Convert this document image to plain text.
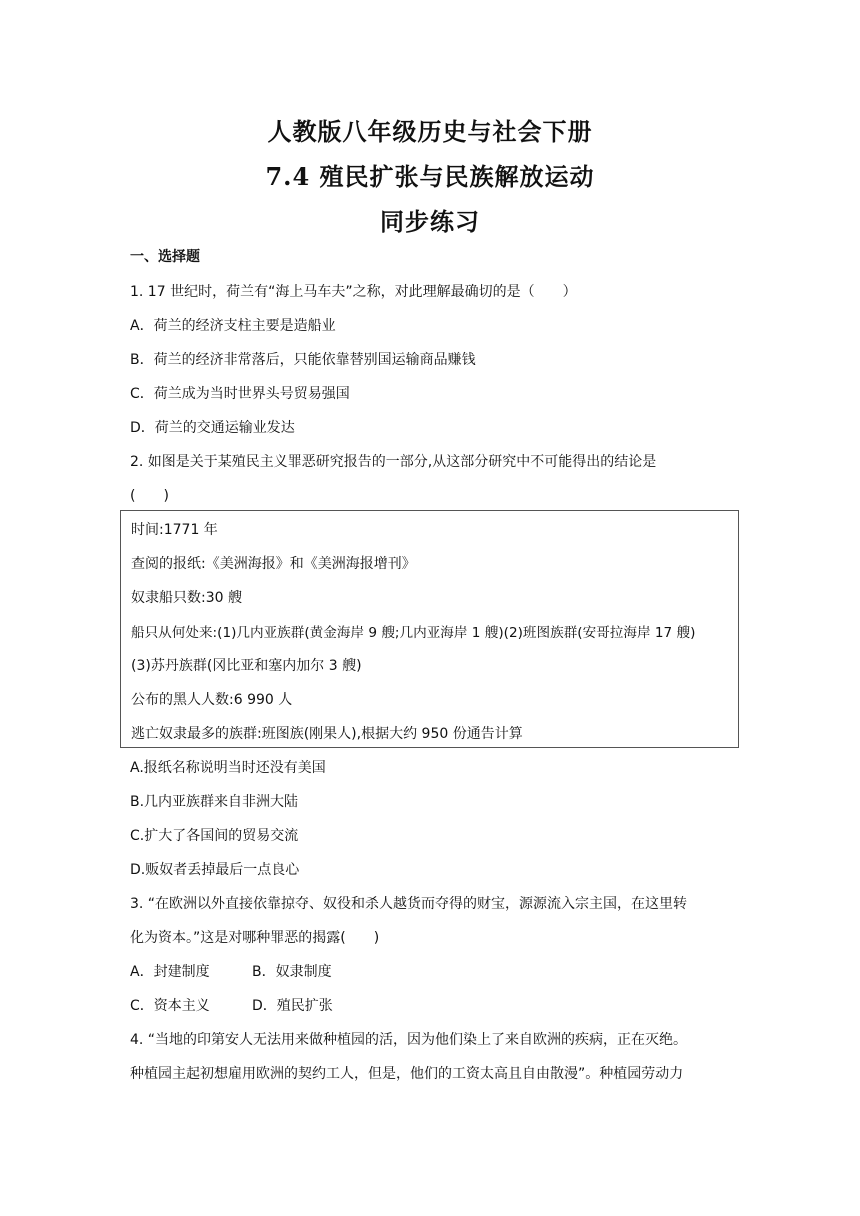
人教版八年级历史与社会下册
7.4 殖民扩张与民族解放运动
同步练习
一、选择题
1. 17 世纪时，荷兰有“海上马车夫”之称，对此理解最确切的是（　　）
A．荷兰的经济支柱主要是造船业
B．荷兰的经济非常落后，只能依靠替别国运输商品赚钱
C．荷兰成为当时世界头号贸易强国
D．荷兰的交通运输业发达
2. 如图是关于某殖民主义罪恶研究报告的一部分,从这部分研究中不可能得出的结论是
(　　)
时间:1771 年
查阅的报纸:《美洲海报》和《美洲海报增刊》
奴隶船只数:30 艘
船只从何处来:(1)几内亚族群(黄金海岸 9 艘;几内亚海岸 1 艘)(2)班图族群(安哥拉海岸 17 艘)
(3)苏丹族群(冈比亚和塞内加尔 3 艘)
公布的黑人人数:6 990 人
逃亡奴隶最多的族群:班图族(刚果人),根据大约 950 份通告计算
A.报纸名称说明当时还没有美国
B.几内亚族群来自非洲大陆
C.扩大了各国间的贸易交流
D.贩奴者丢掉最后一点良心
3. “在欧洲以外直接依靠掠夺、奴役和杀人越货而夺得的财宝，源源流入宗主国，在这里转
化为资本。”这是对哪种罪恶的揭露(　　)
A．封建制度	B．奴隶制度
C．资本主义	D．殖民扩张
4. “当地的印第安人无法用来做种植园的活，因为他们染上了来自欧洲的疾病，正在灭绝。
种植园主起初想雇用欧洲的契约工人，但是，他们的工资太高且自由散漫”。种植园劳动力
